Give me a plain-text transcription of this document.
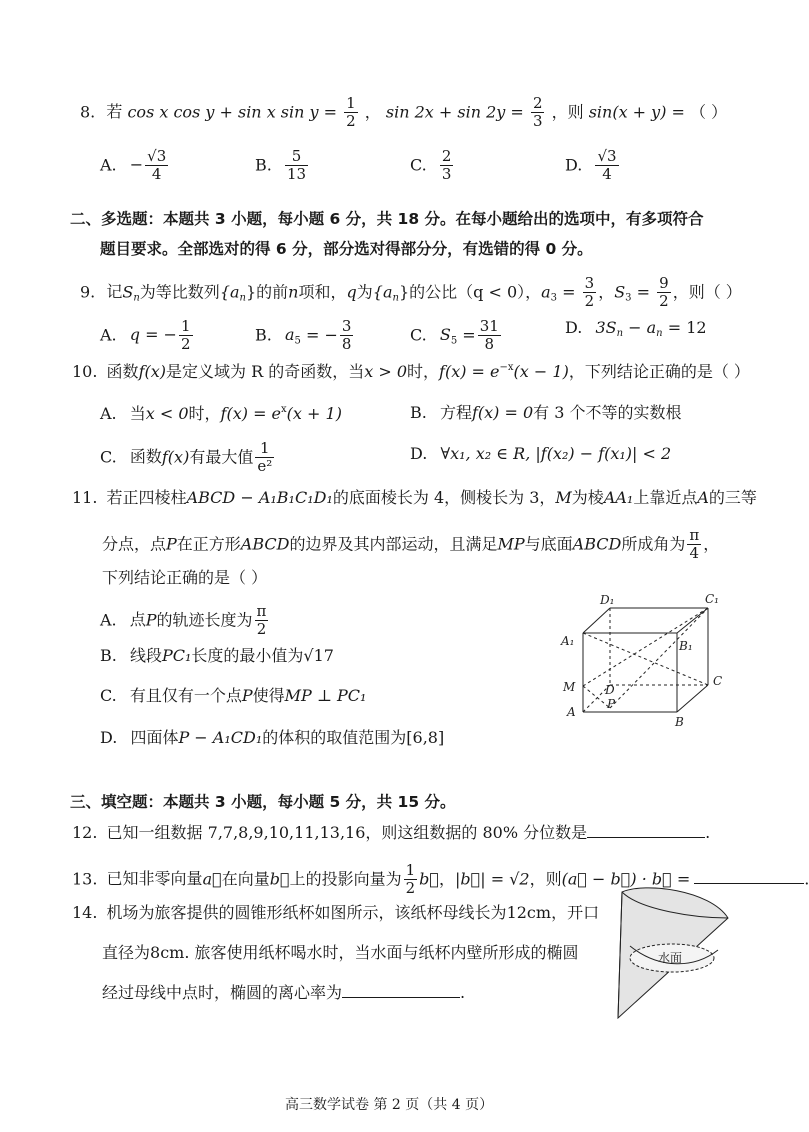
8. 若 cos x cos y + sin x $\sin y = \frac{1}{2}$ ， $\sin 2x + \sin 2y = \frac{2}{3}$ ，则 sin(x + y) = （ ）
A. − $\frac{√3}{4}$	B. $\frac{5}{13}$	C. $\frac{2}{3}$	D. $\frac{√3}{4}$
二、多选题：本题共 3 小题，每小题 6 分，共 18 分。在每小题给出的选项中，有多项符合
题目要求。全部选对的得 6 分，部分选对得部分分，有选错的得 0 分。
9. 记$S_n$为等比数列$\{a_n\}$的前n项和，q为$\{a_n\}$的公比（q < 0），$a_3 = \frac{3}{2}$ ，$S_3 = \frac{9}{2}$ ，则（ ）
A. q = − $\frac{1}{2}$	B. $a_5$ = − $\frac{3}{8}$	C. $S_5 = \frac{31}{8}$	D. $3S_n - a_n = 12$
10. 函数f(x)是定义域为 R 的奇函数，当x > 0时，$f(x) = e^{-x}(x - 1)$，下列结论正确的是（ ）
A. 当x < 0时，$f(x) = e^x(x + 1)$	B. 方程f(x) = 0有 3 个不等的实数根
C. 函数f(x)有最大值 $\frac{1}{\text{e²}}$	D. ∀x₁, x₂ ∈ R, |f(x₂) − f(x₁)| < 2
11. 若正四棱柱ABCD − A₁B₁C₁D₁的底面棱长为 4，侧棱长为 3，M为棱AA₁上靠近点A的三等
分点，点P在正方形ABCD的边界及其内部运动，且满足MP与底面ABCD所成角为 $\frac{\pi}{4}$ ，
下列结论正确的是（ ）
A. 点P的轨迹长度为 $\frac{\pi}{2}$
B. 线段PC₁长度的最小值为√17
C. 有且仅有一个点P使得MP ⊥ PC₁
D. 四面体P − A₁CD₁的体积的取值范围为[6,8]
D₁	C₁
A₁	B₁
M D
C
A
P
B
三、填空题：本题共 3 小题，每小题 5 分，共 15 分。
12. 已知一组数据 7,7,8,9,10,11,13,16，则这组数据的 80% 分位数是	.
13. 已知非零向量a⃗在向量b⃗上的投影向量为 $\frac{1}{2}$ b⃗，|b⃗| = √2，则(a⃗ − b⃗) · b⃗ =	.
14. 机场为旅客提供的圆锥形纸杯如图所示，该纸杯母线长为12cm，开口
直径为8cm. 旅客使用纸杯喝水时，当水面与纸杯内壁所形成的椭圆
经过母线中点时，椭圆的离心率为	.
水面
高三数学试卷 第 2 页（共 4 页）
